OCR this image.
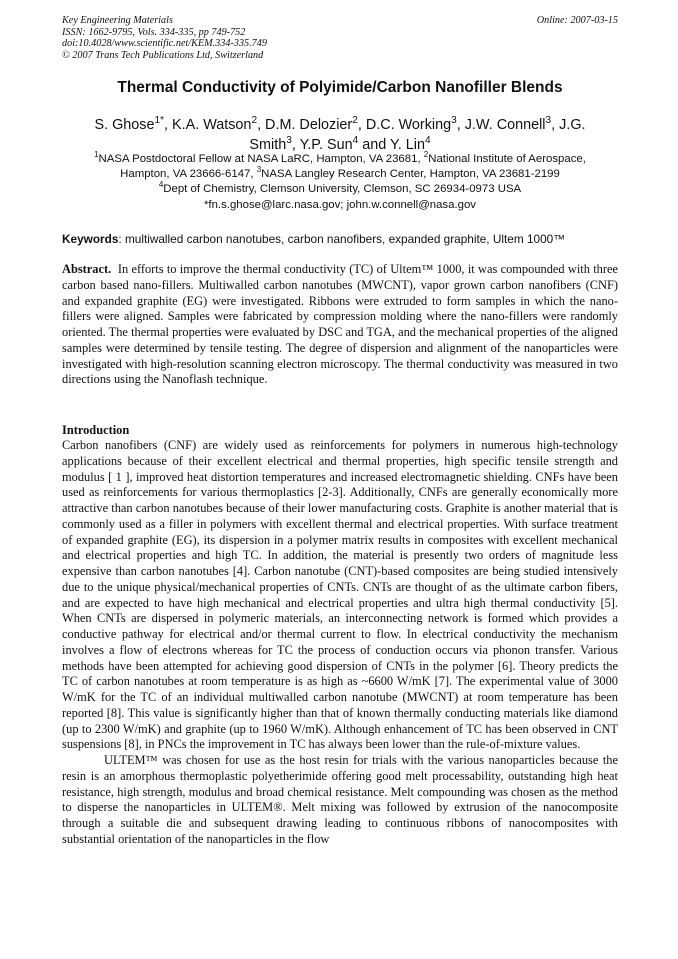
Key Engineering Materials
ISSN: 1662-9795, Vols. 334-335, pp 749-752
doi:10.4028/www.scientific.net/KEM.334-335.749
© 2007 Trans Tech Publications Ltd, Switzerland
Online: 2007-03-15
Thermal Conductivity of Polyimide/Carbon Nanofiller Blends

S. Ghose$^{1*}$, K.A. Watson$^2$, D.M. Delozier$^2$, D.C. Working$^3$, J.W. Connell$^3$, J.G.

Smith$^3$, Y.P. Sun$^4$ and Y. Lin$^4$

$^1$NASA Postdoctoral Fellow at NASA LaRC, Hampton, VA 23681, $^2$National Institute of Aerospace,

Hampton, VA 23666-6147, $^3$NASA Langley Research Center, Hampton, VA 23681-2199

$^4$Dept of Chemistry, Clemson University, Clemson, SC 26934-0973 USA

*fn.s.ghose@larc.nasa.gov; john.w.connell@nasa.gov

Keywords: multiwalled carbon nanotubes, carbon nanofibers, expanded graphite, Ultem 1000™

Abstract. In efforts to improve the thermal conductivity (TC) of Ultem™ 1000, it was compounded with three carbon based nano-fillers. Multiwalled carbon nanotubes (MWCNT), vapor grown carbon nanofibers (CNF) and expanded graphite (EG) were investigated. Ribbons were extruded to form samples in which the nano-fillers were aligned. Samples were fabricated by compression molding where the nano-fillers were randomly oriented. The thermal properties were evaluated by DSC and TGA, and the mechanical properties of the aligned samples were determined by tensile testing. The degree of dispersion and alignment of the nanoparticles were investigated with high-resolution scanning electron microscopy. The thermal conductivity was measured in two directions using the Nanoflash technique.

Introduction

Carbon nanofibers (CNF) are widely used as reinforcements for polymers in numerous high-technology applications because of their excellent electrical and thermal properties, high specific tensile strength and modulus [ 1 ], improved heat distortion temperatures and increased electromagnetic shielding. CNFs have been used as reinforcements for various thermoplastics [2-3]. Additionally, CNFs are generally economically more attractive than carbon nanotubes because of their lower manufacturing costs. Graphite is another material that is commonly used as a filler in polymers with excellent thermal and electrical properties. With surface treatment of expanded graphite (EG), its dispersion in a polymer matrix results in composites with excellent mechanical and electrical properties and high TC. In addition, the material is presently two orders of magnitude less expensive than carbon nanotubes [4]. Carbon nanotube (CNT)-based composites are being studied intensively due to the unique physical/mechanical properties of CNTs. CNTs are thought of as the ultimate carbon fibers, and are expected to have high mechanical and electrical properties and ultra high thermal conductivity [5]. When CNTs are dispersed in polymeric materials, an interconnecting network is formed which provides a conductive pathway for electrical and/or thermal current to flow. In electrical conductivity the mechanism involves a flow of electrons whereas for TC the process of conduction occurs via phonon transfer. Various methods have been attempted for achieving good dispersion of CNTs in the polymer [6]. Theory predicts the TC of carbon nanotubes at room temperature is as high as ~6600 W/mK [7]. The experimental value of 3000 W/mK for the TC of an individual multiwalled carbon nanotube (MWCNT) at room temperature has been reported [8]. This value is significantly higher than that of known thermally conducting materials like diamond (up to 2300 W/mK) and graphite (up to 1960 W/mK). Although enhancement of TC has been observed in CNT suspensions [8], in PNCs the improvement in TC has always been lower than the rule-of-mixture values.

ULTEM™ was chosen for use as the host resin for trials with the various nanoparticles because the resin is an amorphous thermoplastic polyetherimide offering good melt processability, outstanding high heat resistance, high strength, modulus and broad chemical resistance. Melt compounding was chosen as the method to disperse the nanoparticles in ULTEM®. Melt mixing was followed by extrusion of the nanocomposite through a suitable die and subsequent drawing leading to continuous ribbons of nanocomposites with substantial orientation of the nanoparticles in the flow
